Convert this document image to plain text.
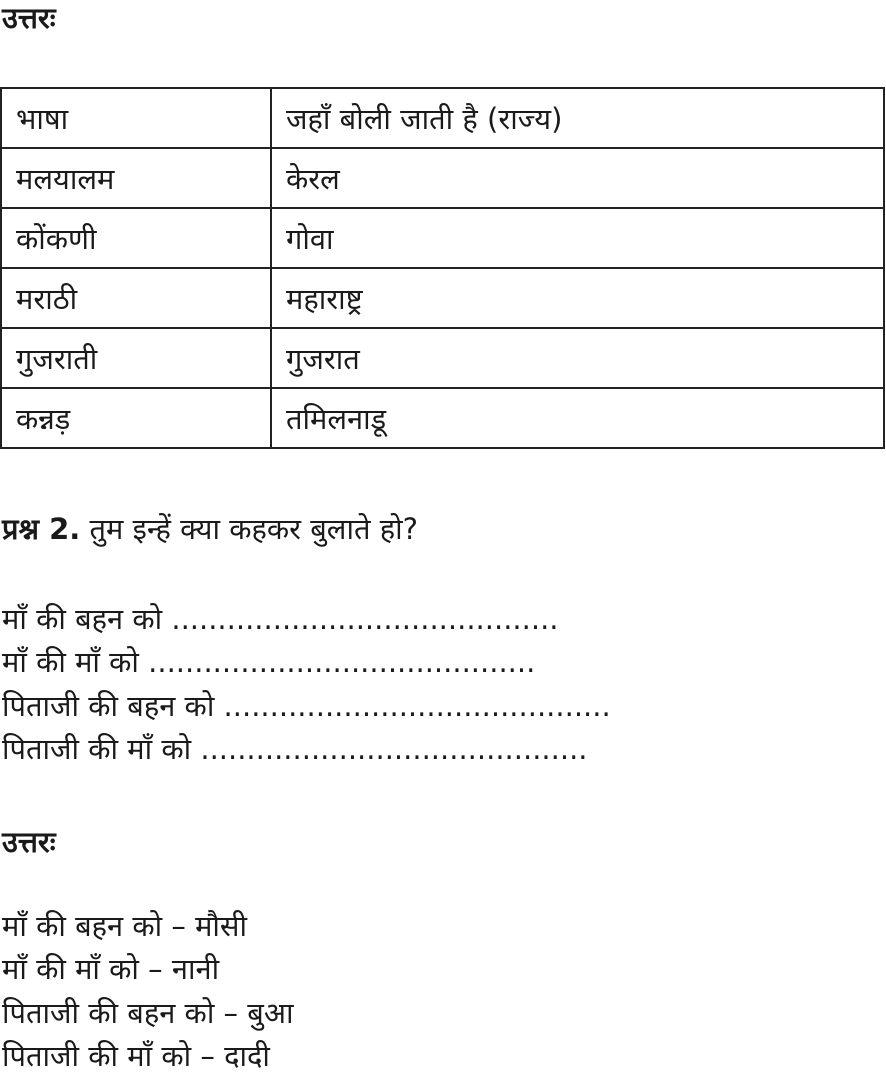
उत्तरः
भाषा	जहाँ बोली जाती है (राज्य)
मलयालम	केरल
कोंकणी	गोवा
मराठी	महाराष्ट्र
गुजराती	गुजरात
कन्नड़	तमिलनाडू
प्रश्न 2. तुम इन्हें क्या कहकर बुलाते हो?
माँ की बहन को ..........................................
माँ की माँ को ..........................................
पिताजी की बहन को ..........................................
पिताजी की माँ को ..........................................
उत्तरः
माँ की बहन को – मौसी
माँ की माँ को – नानी
पिताजी की बहन को – बुआ
पिताजी की माँ को – दादी
